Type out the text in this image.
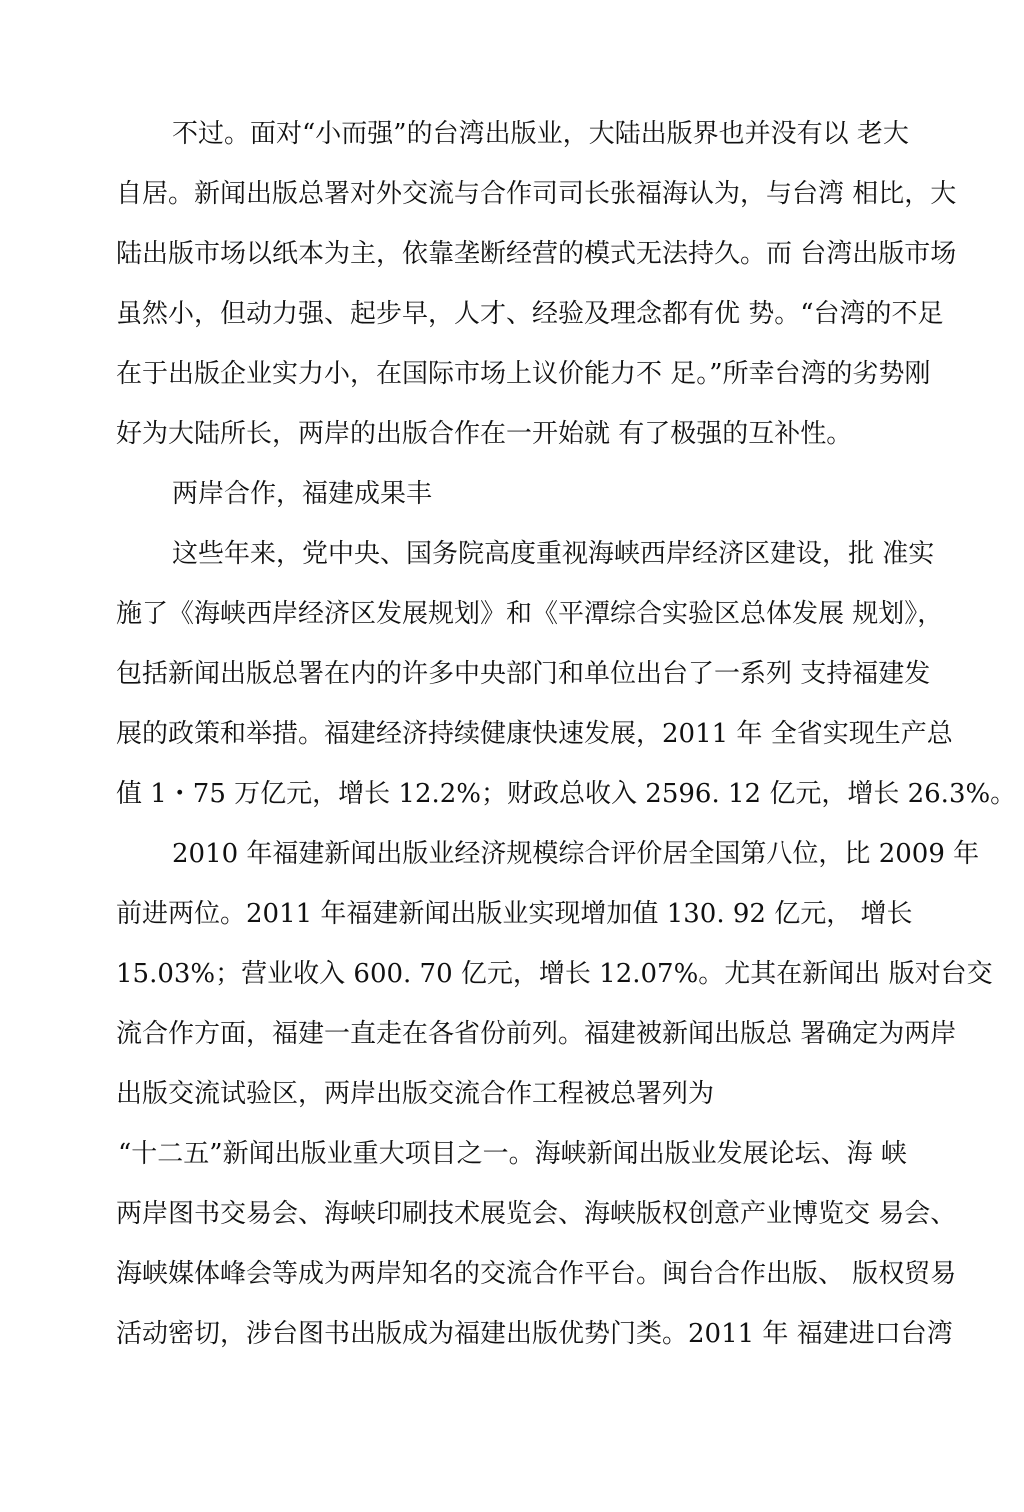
不过。面对“小而强”的台湾出版业，大陆出版界也并没有以 老大
自居。新闻出版总署对外交流与合作司司长张福海认为，与台湾 相比，大
陆出版市场以纸本为主，依靠垄断经营的模式无法持久。而 台湾出版市场
虽然小，但动力强、起步早，人才、经验及理念都有优 势。“台湾的不足
在于出版企业实力小，在国际市场上议价能力不 足。”所幸台湾的劣势刚
好为大陆所长，两岸的出版合作在一开始就 有了极强的互补性。
两岸合作，福建成果丰
这些年来，党中央、国务院高度重视海峡西岸经济区建设，批 准实
施了《海峡西岸经济区发展规划》和《平潭综合实验区总体发展 规划》，
包括新闻出版总署在内的许多中央部门和单位出台了一系列 支持福建发
展的政策和举措。福建经济持续健康快速发展，2011 年 全省实现生产总
值 1・75 万亿元，增长 12.2%；财政总收入 2596. 12 亿元，增长 26.3%。
2010 年福建新闻出版业经济规模综合评价居全国第八位，比 2009 年
前进两位。2011 年福建新闻出版业实现增加值 130. 92 亿元， 增长
15.03%；营业收入 600. 70 亿元，增长 12.07%。尤其在新闻出 版对台交
流合作方面，福建一直走在各省份前列。福建被新闻出版总 署确定为两岸
出版交流试验区，两岸出版交流合作工程被总署列为
“十二五”新闻出版业重大项目之一。海峡新闻出版业发展论坛、海 峡
两岸图书交易会、海峡印刷技术展览会、海峡版权创意产业博览交 易会、
海峡媒体峰会等成为两岸知名的交流合作平台。闽台合作出版、 版权贸易
活动密切，涉台图书出版成为福建出版优势门类。2011 年 福建进口台湾
